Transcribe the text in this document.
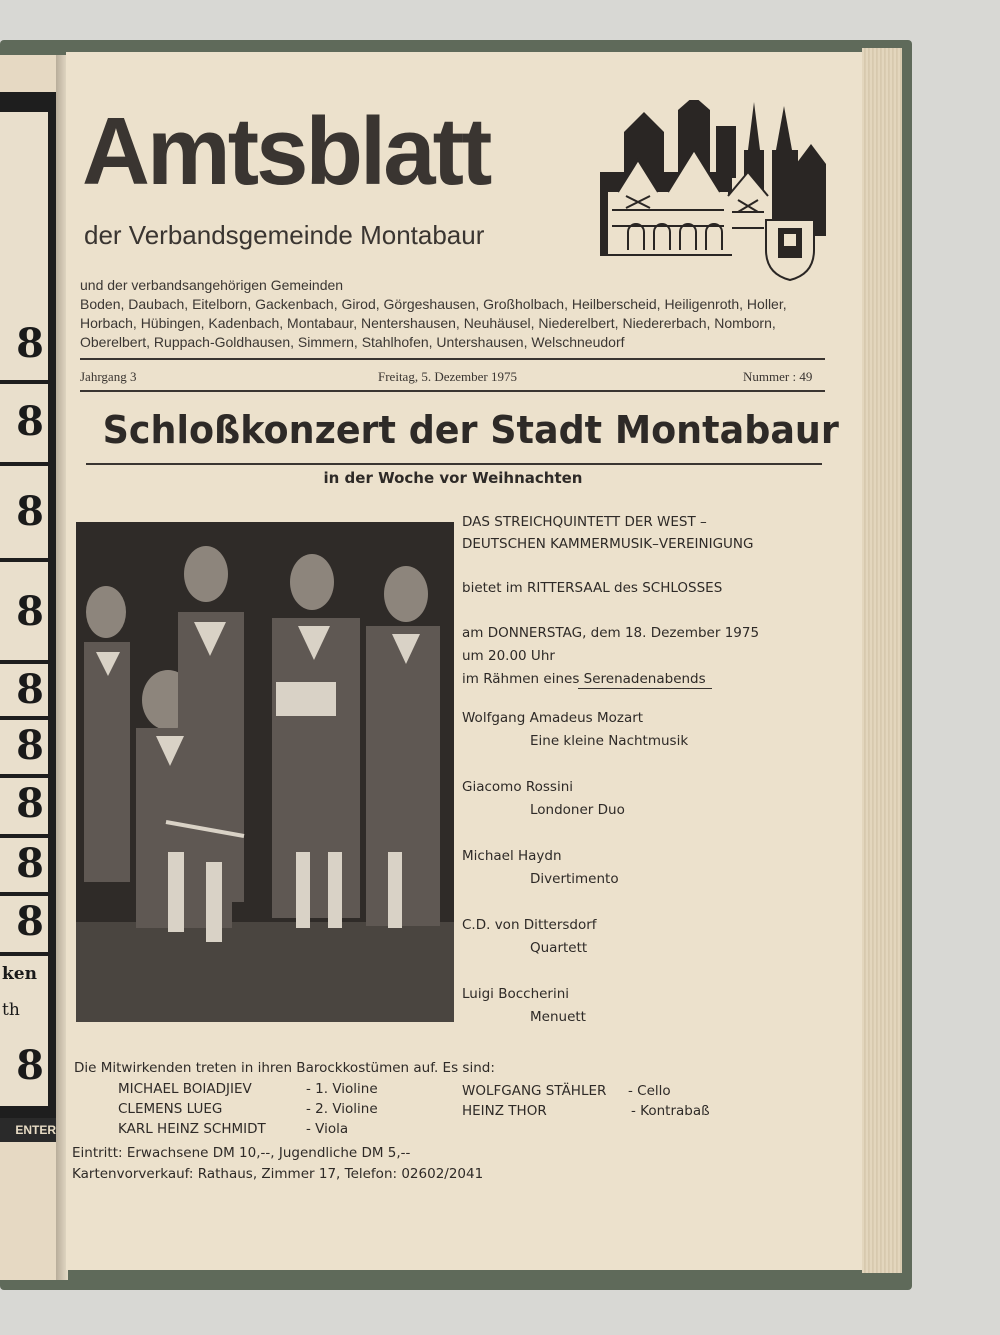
8
8
8
8
8
8
8
8
8
ken
th
8
ENTER
Amtsblatt
der Verbandsgemeinde Montabaur
und der verbandsangehörigen Gemeinden
Boden, Daubach, Eitelborn, Gackenbach, Girod, Görgeshausen, Großholbach, Heilberscheid, Heiligenroth, Holler,
Horbach, Hübingen, Kadenbach, Montabaur, Nentershausen, Neuhäusel, Niederelbert, Niedererbach, Nomborn,
Oberelbert, Ruppach-Goldhausen, Simmern, Stahlhofen, Untershausen, Welschneudorf
Jahrgang 3	Freitag, 5. Dezember 1975	Nummer : 49
Schloßkonzert der Stadt Montabaur
in der Woche vor Weihnachten
DAS STREICHQUINTETT DER WEST –
DEUTSCHEN KAMMERMUSIK–VEREINIGUNG
bietet im RITTERSAAL des SCHLOSSES
am DONNERSTAG, dem 18. Dezember 1975
um 20.00 Uhr
im Rähmen eines Serenadenabends
Wolfgang Amadeus Mozart
Eine kleine Nachtmusik
Giacomo Rossini
Londoner Duo
Michael Haydn
Divertimento
C.D. von Dittersdorf
Quartett
Luigi Boccherini
Menuett
Die Mitwirkenden treten in ihren Barockkostümen auf. Es sind:
MICHAEL BOIADJIEV	- 1. Violine
CLEMENS LUEG	- 2. Violine
KARL HEINZ SCHMIDT	- Viola
WOLFGANG STÄHLER - Cello
HEINZ THOR	- Kontrabaß
Eintritt: Erwachsene DM 10,--, Jugendliche DM 5,--
Kartenvorverkauf: Rathaus, Zimmer 17, Telefon: 02602/2041
